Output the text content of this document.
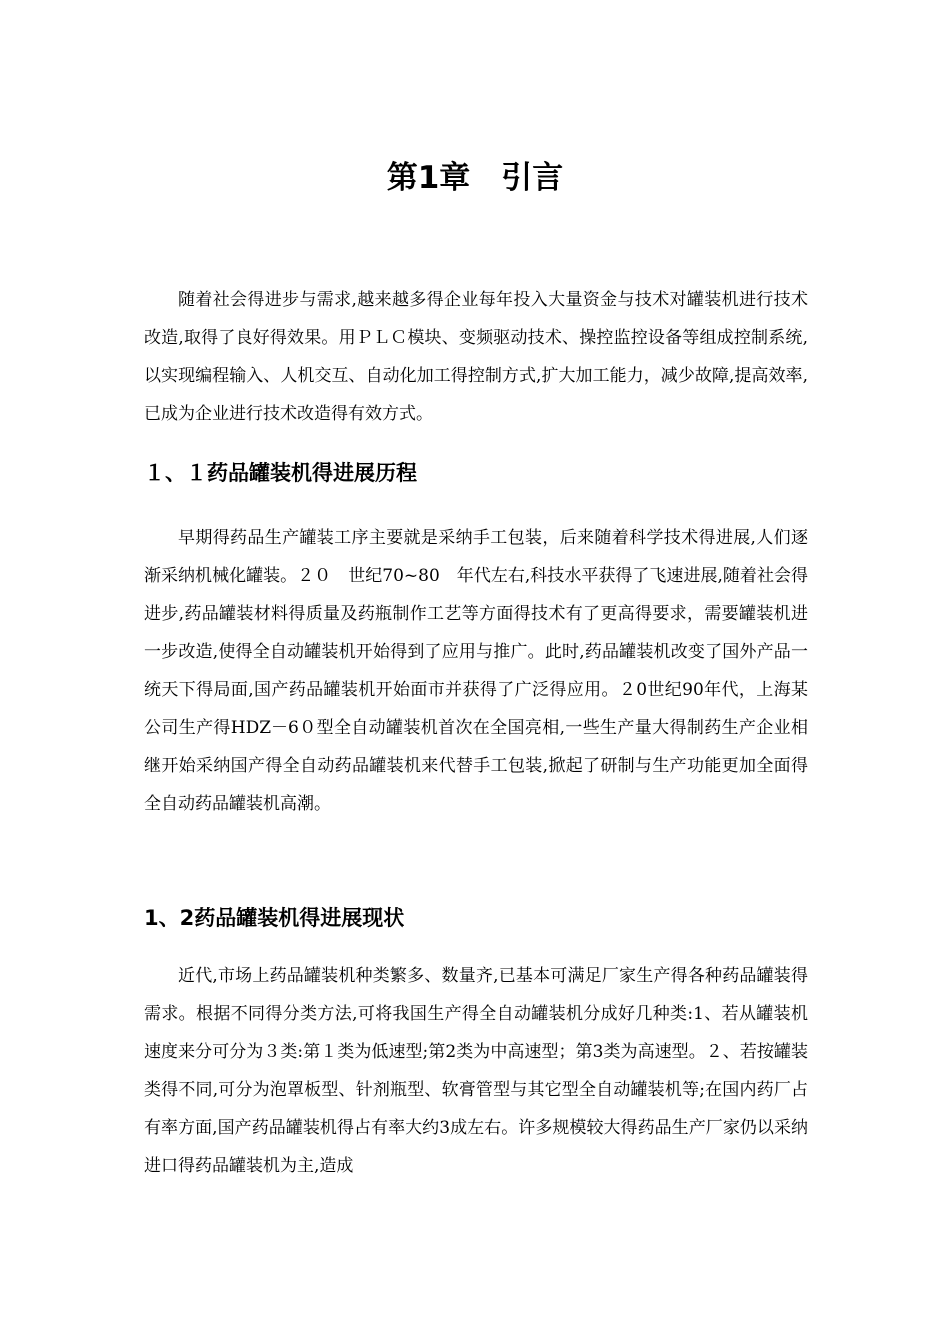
第1章　引言

随着社会得进步与需求,越来越多得企业每年投入大量资金与技术对罐装机进行技术改造,取得了良好得效果。用ＰＬＣ模块、变频驱动技术、操控监控设备等组成控制系统,以实现编程输入、人机交互、自动化加工得控制方式,扩大加工能力，减少故障,提高效率,已成为企业进行技术改造得有效方式。

１、１药品罐装机得进展历程

早期得药品生产罐装工序主要就是采纳手工包装，后来随着科学技术得进展,人们逐渐采纳机械化罐装。２０　世纪70~80　年代左右,科技水平获得了飞速进展,随着社会得进步,药品罐装材料得质量及药瓶制作工艺等方面得技术有了更高得要求，需要罐装机进一步改造,使得全自动罐装机开始得到了应用与推广。此时,药品罐装机改变了国外产品一统天下得局面,国产药品罐装机开始面市并获得了广泛得应用。２0世纪90年代，上海某公司生产得HDZ－6０型全自动罐装机首次在全国亮相,一些生产量大得制药生产企业相继开始采纳国产得全自动药品罐装机来代替手工包装,掀起了研制与生产功能更加全面得全自动药品罐装机高潮。

1、2药品罐装机得进展现状

近代,市场上药品罐装机种类繁多、数量齐,已基本可满足厂家生产得各种药品罐装得需求。根据不同得分类方法,可将我国生产得全自动罐装机分成好几种类:1、若从罐装机速度来分可分为３类:第１类为低速型;第2类为中高速型；第3类为高速型。２、若按罐装类得不同,可分为泡罩板型、针剂瓶型、软膏管型与其它型全自动罐装机等;在国内药厂占有率方面,国产药品罐装机得占有率大约3成左右。许多规模较大得药品生产厂家仍以采纳进口得药品罐装机为主,造成
